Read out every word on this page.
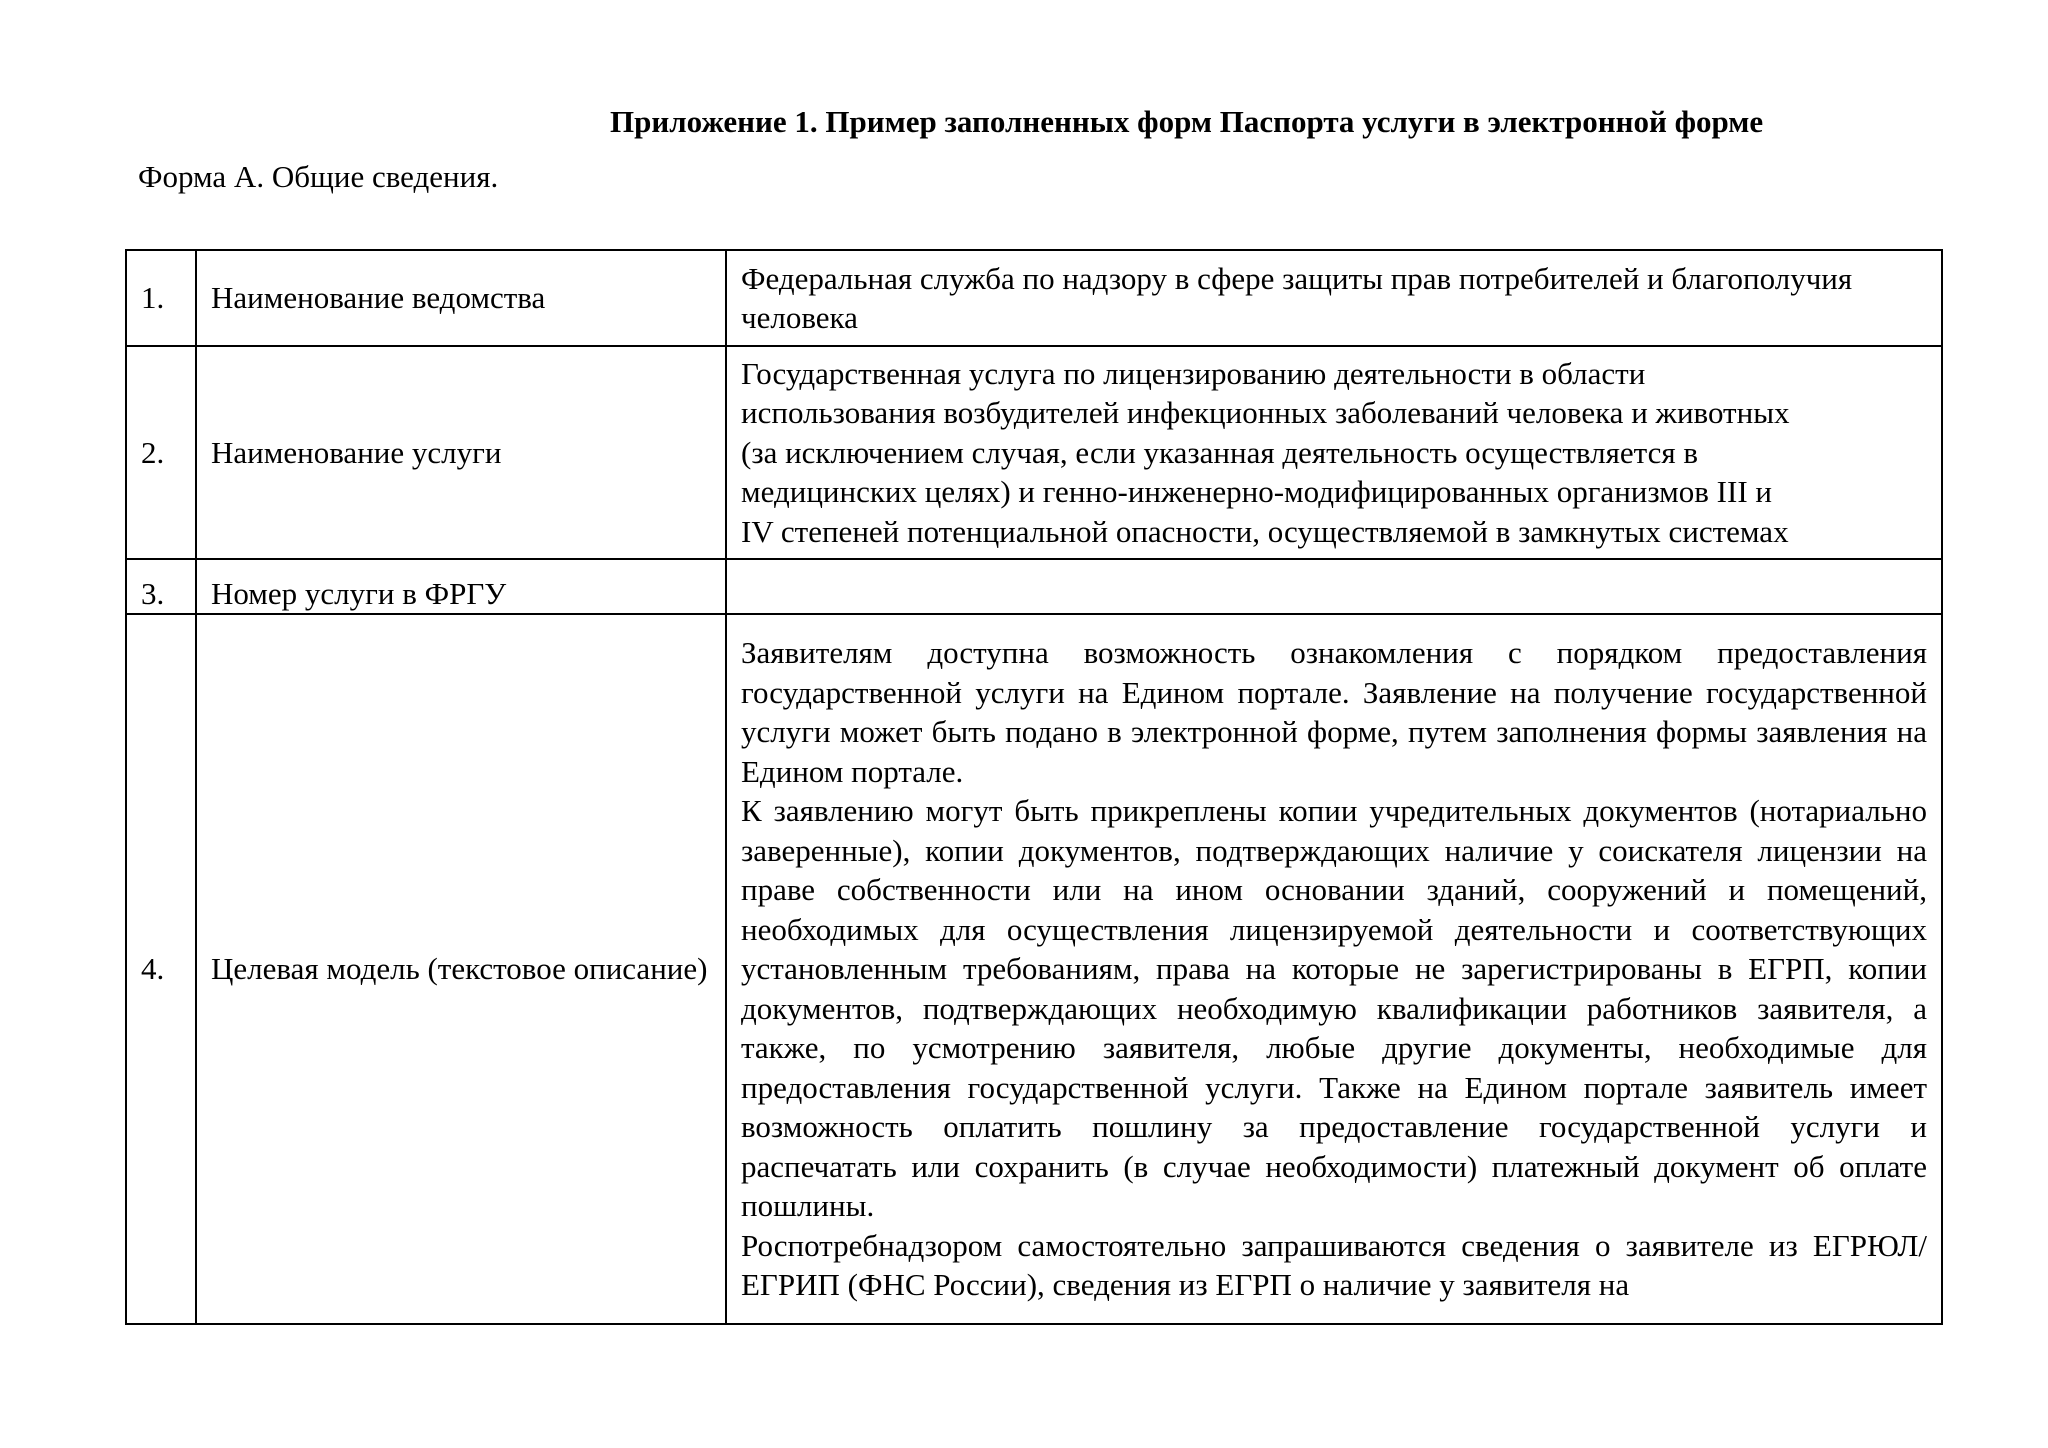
Приложение 1. Пример заполненных форм Паспорта услуги в электронной форме
Форма А. Общие сведения.
1.	Наименование ведомства	Федеральная служба по надзору в сфере защиты прав потребителей и благополучия человека
2.	Наименование услуги	Государственная услуга по лицензированию деятельности в области
использования возбудителей инфекционных заболеваний человека и животных
(за исключением случая, если указанная деятельность осуществляется в
медицинских целях) и генно-инженерно-модифицированных организмов III и
IV степеней потенциальной опасности, осуществляемой в замкнутых системах

3.	Номер услуги в ФРГУ	
4.	Целевая модель (текстовое описание)	Заявителям доступна возможность ознакомления с порядком предоставления государственной услуги на Едином портале. Заявление на получение государственной услуги может быть подано в электронной форме, путем заполнения формы заявления на Едином портале.

К заявлению могут быть прикреплены копии учредительных документов (нотариально заверенные), копии документов, подтверждающих наличие у соискателя лицензии на праве собственности или на ином основании зданий, сооружений и помещений, необходимых для осуществления лицензируемой деятельности и соответствующих установленным требованиям, права на которые не зарегистрированы в ЕГРП, копии документов, подтверждающих необходимую квалификации работников заявителя, а также, по усмотрению заявителя, любые другие документы, необходимые для предоставления государственной услуги. Также на Едином портале заявитель имеет возможность оплатить пошлину за предоставление государственной услуги и распечатать или сохранить (в случае необходимости) платежный документ об оплате пошлины.

Роспотребнадзором самостоятельно запрашиваются сведения о заявителе из ЕГРЮЛ/ЕГРИП (ФНС России), сведения из ЕГРП о наличие у заявителя на
